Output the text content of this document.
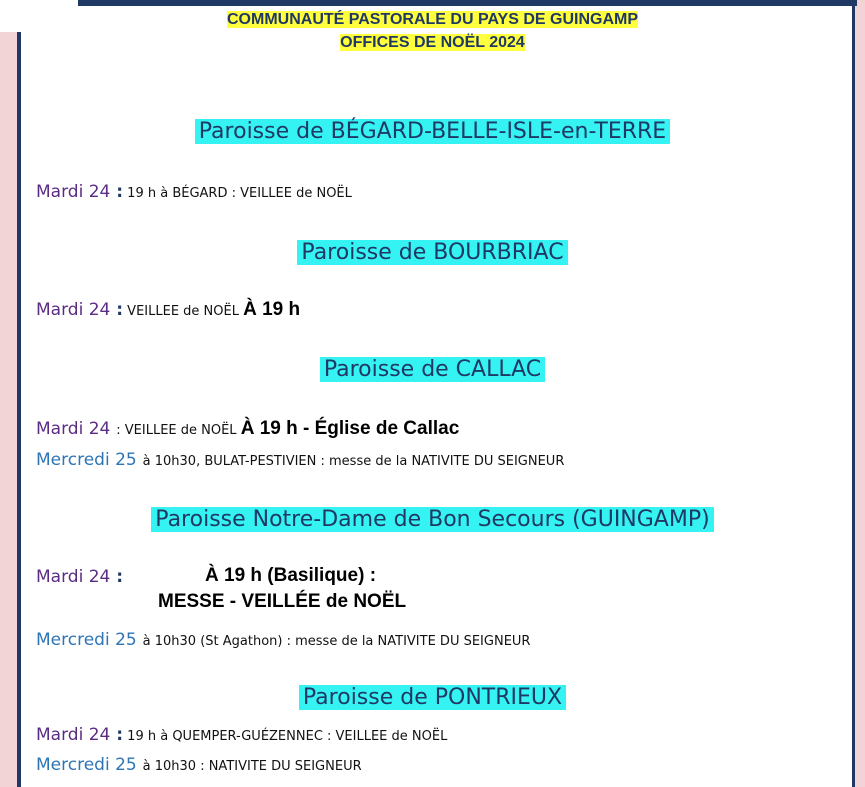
COMMUNAUTÉ PASTORALE DU PAYS DE GUINGAMP
OFFICES DE NOËL 2024
Paroisse de BÉGARD-BELLE-ISLE-en-TERRE
Mardi 24 : 19 h à BÉGARD : VEILLEE de NOËL
Paroisse de BOURBRIAC
Mardi 24 : VEILLEE de NOËL À 19 h
Paroisse de CALLAC
Mardi 24 : VEILLEE de NOËL À 19 h - Église de Callac
Mercredi 25 à 10h30, BULAT-PESTIVIEN : messe de la NATIVITE DU SEIGNEUR
Paroisse Notre-Dame de Bon Secours (GUINGAMP)
Mardi 24 :	À 19 h (Basilique) :
MESSE - VEILLÉE de NOËL
Mercredi 25 à 10h30 (St Agathon) : messe de la NATIVITE DU SEIGNEUR
Paroisse de PONTRIEUX
Mardi 24 : 19 h à QUEMPER-GUÉZENNEC : VEILLEE de NOËL
Mercredi 25 à 10h30 : NATIVITE DU SEIGNEUR
